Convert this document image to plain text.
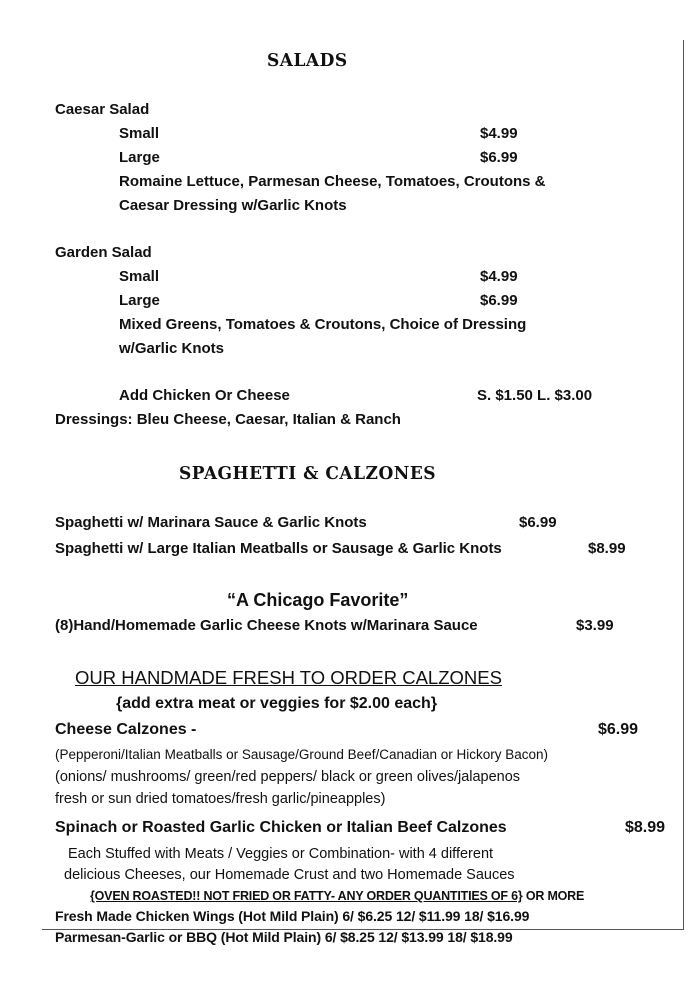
SALADS
Caesar Salad
Small	$4.99
Large	$6.99
Romaine Lettuce, Parmesan Cheese, Tomatoes, Croutons &
Caesar Dressing w/Garlic Knots
Garden Salad
Small	$4.99
Large	$6.99
Mixed Greens, Tomatoes & Croutons, Choice of Dressing
w/Garlic Knots
Add Chicken Or Cheese	S. $1.50 L. $3.00
Dressings: Bleu Cheese, Caesar, Italian & Ranch
SPAGHETTI & CALZONES
Spaghetti w/ Marinara Sauce & Garlic Knots	$6.99
Spaghetti w/ Large Italian Meatballs or Sausage & Garlic Knots	$8.99
“A Chicago Favorite”
(8)Hand/Homemade Garlic Cheese Knots w/Marinara Sauce	$3.99
OUR HANDMADE FRESH TO ORDER CALZONES
{add extra meat or veggies for $2.00 each}
Cheese Calzones -	$6.99
(Pepperoni/Italian Meatballs or Sausage/Ground Beef/Canadian or Hickory Bacon)
(onions/ mushrooms/ green/red peppers/ black or green olives/jalapenos
fresh or sun dried tomatoes/fresh garlic/pineapples)
Spinach or Roasted Garlic Chicken or Italian Beef Calzones	$8.99
Each Stuffed with Meats / Veggies or Combination- with 4 different
delicious Cheeses, our Homemade Crust and two Homemade Sauces
{OVEN ROASTED!! NOT FRIED OR FATTY- ANY ORDER QUANTITIES OF 6} OR MORE
Fresh Made Chicken Wings (Hot Mild Plain) 6/ $6.25 12/ $11.99 18/ $16.99
Parmesan-Garlic or BBQ (Hot Mild Plain) 6/ $8.25 12/ $13.99 18/ $18.99
